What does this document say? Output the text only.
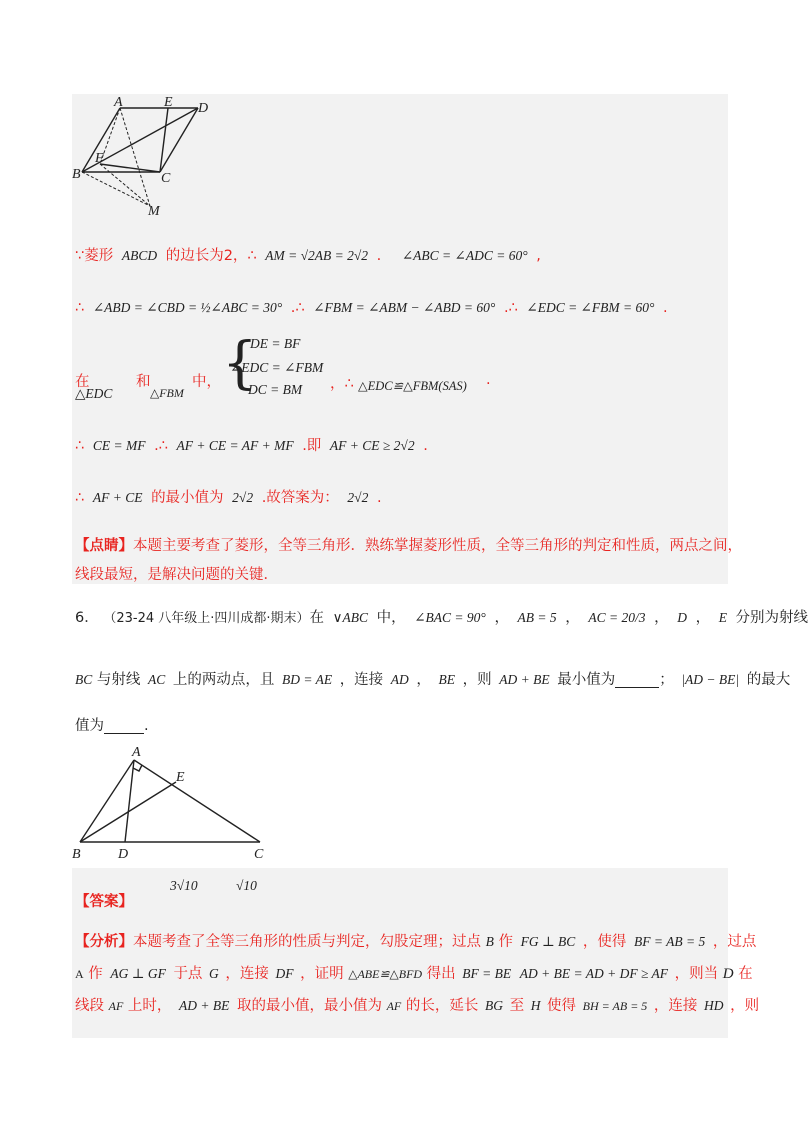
A	E D
F
B	C
M
∵菱形 ABCD 的边长为2，∴ AM = √2AB = 2√2 . ∠ABC = ∠ADC = 60° ,
∴ ∠ABD = ∠CBD = ½∠ABC = 30° .∴ ∠FBM = ∠ABM − ∠ABD = 60° .∴ ∠EDC = ∠FBM = 60° .
在
△EDC
和
△FBM
中， {
DE = BF
∠EDC = ∠FBM
DC = BM ，∴ △EDC≌△FBM(SAS) .
∴ CE = MF .∴ AF + CE = AF + MF .即 AF + CE ≥ 2√2 .
∴ AF + CE 的最小值为 2√2 .故答案为： 2√2 .
【点睛】本题主要考查了菱形，全等三角形．熟练掌握菱形性质，全等三角形的判定和性质，两点之间，
线段最短，是解决问题的关键．
6． （23-24 八年级上·四川成都·期末）在 ∨ABC 中， ∠BAC = 90° ， AB = 5 ， AC = 20/3 ， D ， E 分别为射线
BC 与射线 AC 上的两动点，且 BD = AE ，连接 AD ， BE ，则 AD + BE 最小值为	； |AD − BE| 的最大
值为	.
A
E
B	D	C
【答案】
3√10	√10
【分析】本题考查了全等三角形的性质与判定，勾股定理；过点 B 作 FG ⊥ BC ，使得 BF = AB = 5 ，过点
A 作 AG ⊥ GF 于点 G ，连接 DF ，证明 △ABE≌△BFD 得出 BF = BE AD + BE = AD + DF ≥ AF ，则当 D 在
线段 AF 上时， AD + BE 取的最小值，最小值为 AF 的长，延长 BG 至 H 使得 BH = AB = 5 ，连接 HD ，则
